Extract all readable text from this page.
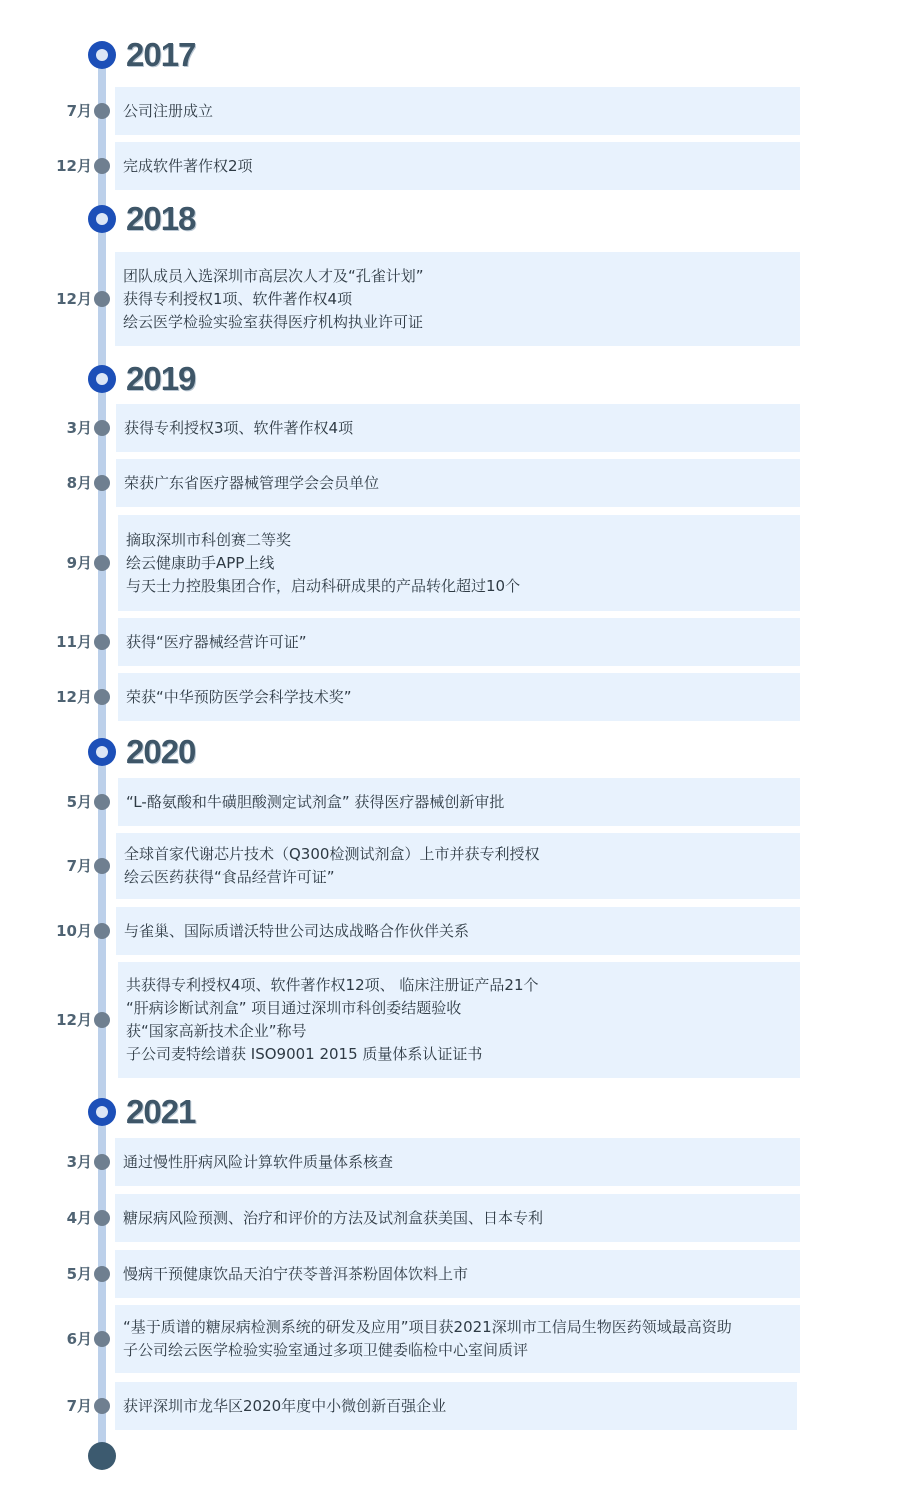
2017
7月 公司注册成立
12月 完成软件著作权2项
2018
12月
团队成员入选深圳市高层次人才及“孔雀计划”
获得专利授权1项、软件著作权4项
绘云医学检验实验室获得医疗机构执业许可证
2019
3月 获得专利授权3项、软件著作权4项
8月 荣获广东省医疗器械管理学会会员单位
9月
摘取深圳市科创赛二等奖
绘云健康助手APP上线
与天士力控股集团合作，启动科研成果的产品转化超过10个
11月 获得“医疗器械经营许可证”
12月 荣获“中华预防医学会科学技术奖”
2020
5月 “L-酪氨酸和牛磺胆酸测定试剂盒” 获得医疗器械创新审批
7月
全球首家代谢芯片技术（Q300检测试剂盒）上市并获专利授权
绘云医药获得“食品经营许可证”
10月 与雀巢、国际质谱沃特世公司达成战略合作伙伴关系
12月
共获得专利授权4项、软件著作权12项、 临床注册证产品21个
“肝病诊断试剂盒” 项目通过深圳市科创委结题验收
获“国家高新技术企业”称号
子公司麦特绘谱获 ISO9001 2015 质量体系认证证书
2021
3月 通过慢性肝病风险计算软件质量体系核查
4月 糖尿病风险预测、治疗和评价的方法及试剂盒获美国、日本专利
5月 慢病干预健康饮品天泊宁茯苓普洱茶粉固体饮料上市
6月
“基于质谱的糖尿病检测系统的研发及应用”项目获2021深圳市工信局生物医药领域最高资助
子公司绘云医学检验实验室通过多项卫健委临检中心室间质评
7月 获评深圳市龙华区2020年度中小微创新百强企业
